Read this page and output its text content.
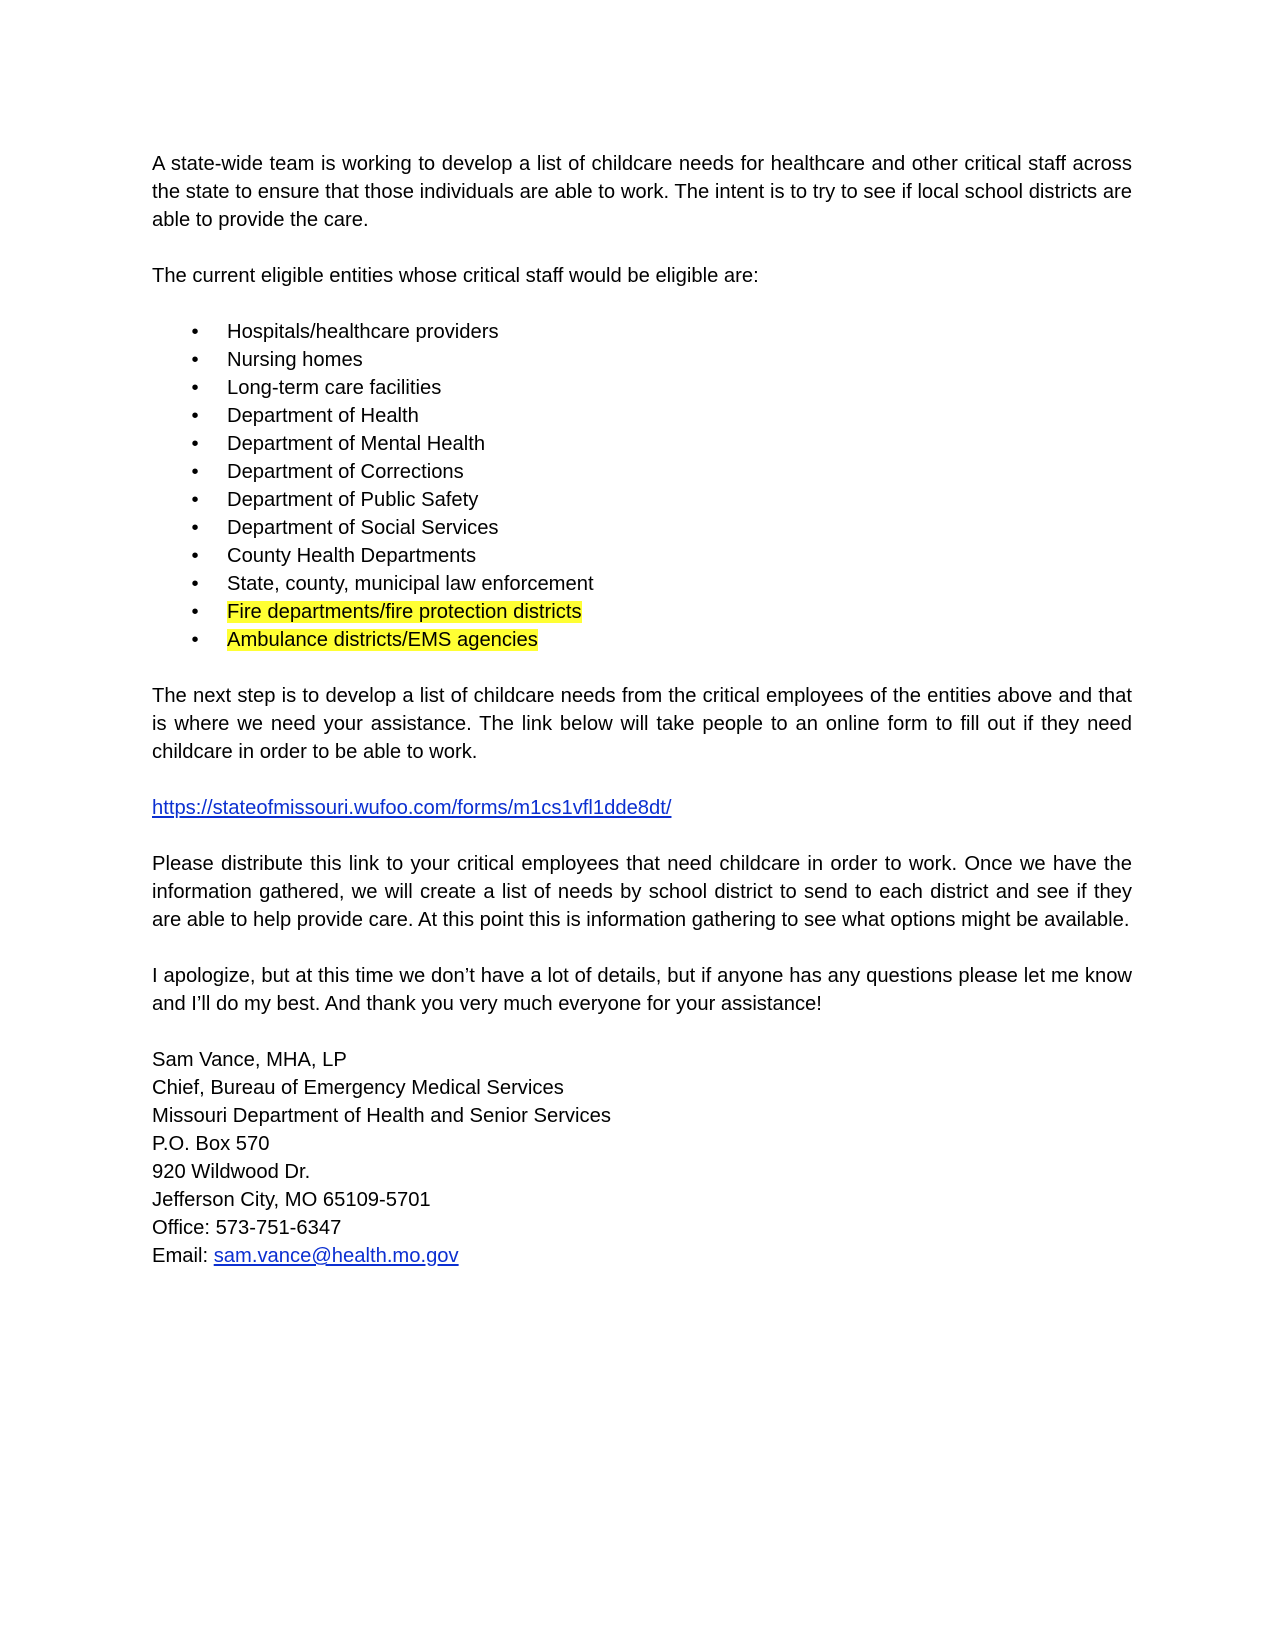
A state-wide team is working to develop a list of childcare needs for healthcare and other critical staff across the state to ensure that those individuals are able to work. The intent is to try to see if local school districts are able to provide the care.

The current eligible entities whose critical staff would be eligible are:

• Hospitals/healthcare providers
• Nursing homes
• Long-term care facilities
• Department of Health
• Department of Mental Health
• Department of Corrections
• Department of Public Safety
• Department of Social Services
• County Health Departments
• State, county, municipal law enforcement
• Fire departments/fire protection districts
• Ambulance districts/EMS agencies

The next step is to develop a list of childcare needs from the critical employees of the entities above and that is where we need your assistance. The link below will take people to an online form to fill out if they need childcare in order to be able to work.

https://stateofmissouri.wufoo.com/forms/m1cs1vfl1dde8dt/

Please distribute this link to your critical employees that need childcare in order to work. Once we have the information gathered, we will create a list of needs by school district to send to each district and see if they are able to help provide care. At this point this is information gathering to see what options might be available.

I apologize, but at this time we don’t have a lot of details, but if anyone has any questions please let me know and I’ll do my best. And thank you very much everyone for your assistance!

Sam Vance, MHA, LP
Chief, Bureau of Emergency Medical Services
Missouri Department of Health and Senior Services
P.O. Box 570
920 Wildwood Dr.
Jefferson City, MO 65109-5701
Office: 573-751-6347
Email: sam.vance@health.mo.gov
